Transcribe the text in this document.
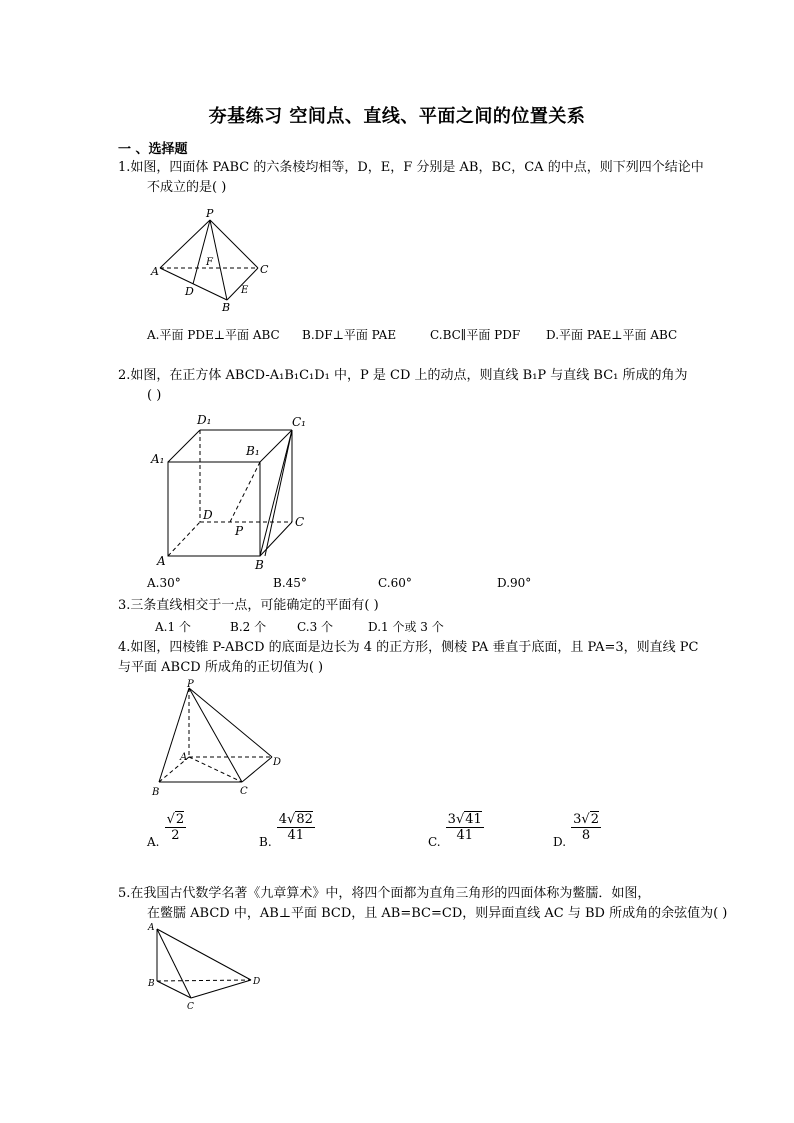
夯基练习 空间点、直线、平面之间的位置关系
一 、选择题
1.如图，四面体 PABC 的六条棱均相等，D，E，F 分别是 AB，BC，CA 的中点，则下列四个结论中
不成立的是( )
P
A
F
C
D	E
B
A.平面 PDE⊥平面 ABC B.DF⊥平面 PAE	C.BC∥平面 PDF D.平面 PAE⊥平面 ABC
2.如图，在正方体 ABCD-A₁B₁C₁D₁ 中，P 是 CD 上的动点，则直线 B₁P 与直线 BC₁ 所成的角为
( )
D₁	C₁
A₁
B₁
D
P
C
A	B
A.30°	B.45°	C.60°	D.90°
3.三条直线相交于一点，可能确定的平面有( )
A.1 个	B.2 个	C.3 个	D.1 个或 3 个
4.如图，四棱锥 P-ABCD 的底面是边长为 4 的正方形，侧棱 PA 垂直于底面，且 PA=3，则直线 PC
与平面 ABCD 所成角的正切值为( )
P
A	D
B	C
$_{A.} \frac{√2}{2}$	$_{B.} \frac{4√82}{41}$	$_{C.} \frac{3√41}{41}$	$_{D.} \frac{3√2}{8}$
5.在我国古代数学名著《九章算术》中，将四个面都为直角三角形的四面体称为鳖臑．如图，
在鳖臑 ABCD 中，AB⊥平面 BCD，且 AB=BC=CD，则异面直线 AC 与 BD 所成角的余弦值为( )
A
B
C
D
